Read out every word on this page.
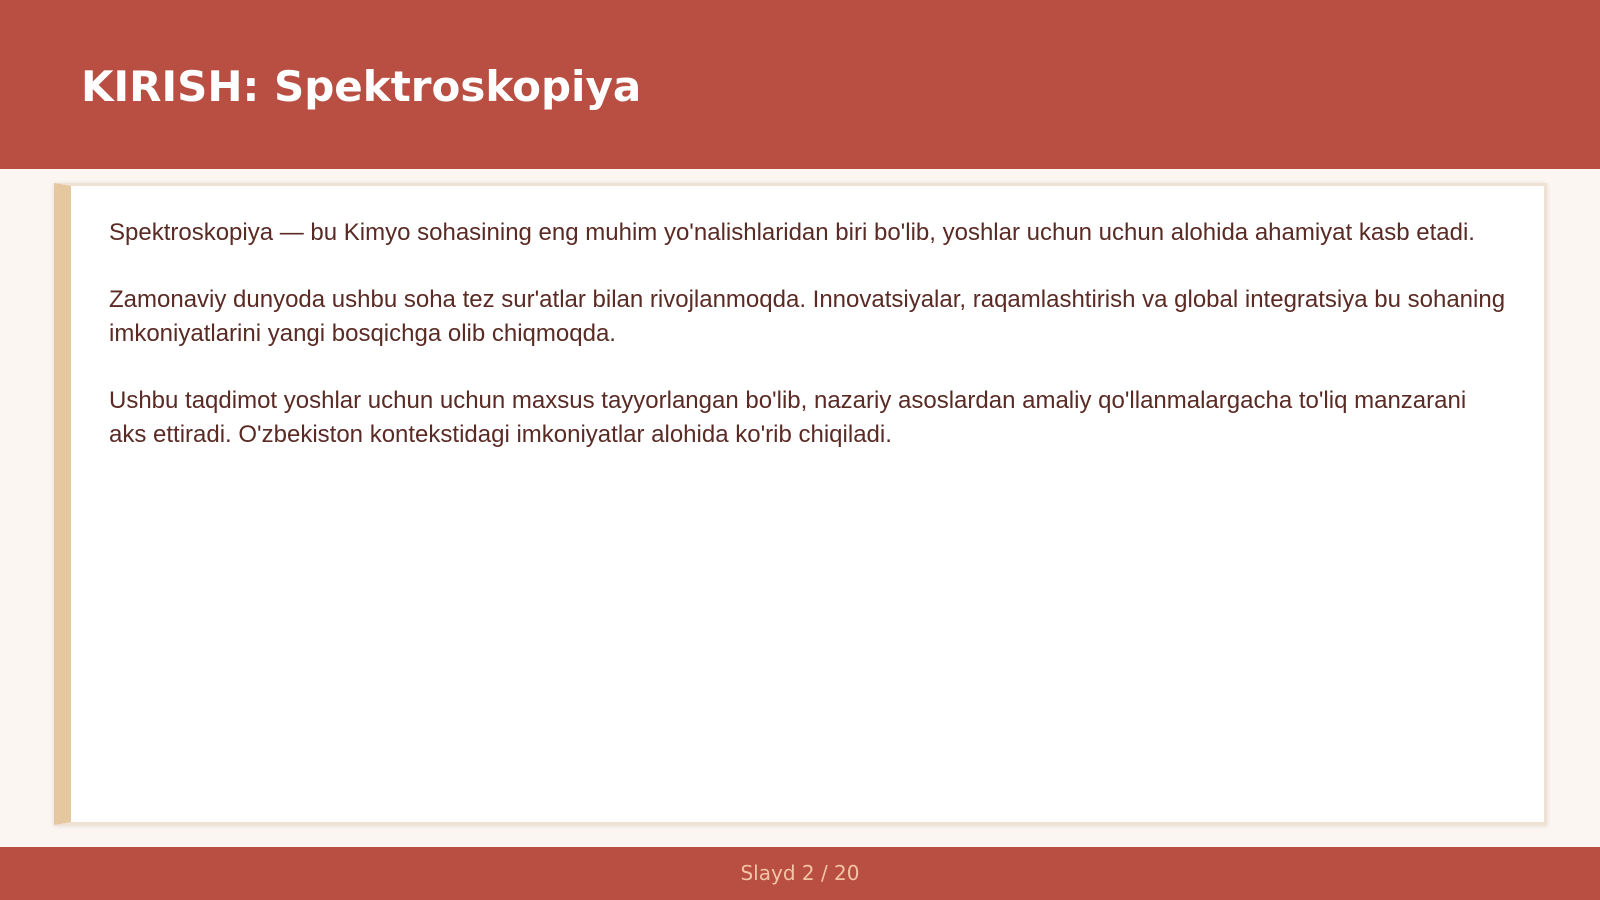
KIRISH: Spektroskopiya

Spektroskopiya — bu Kimyo sohasining eng muhim yo'nalishlaridan biri bo'lib, yoshlar uchun uchun alohida ahamiyat kasb etadi.

Zamonaviy dunyoda ushbu soha tez sur'atlar bilan rivojlanmoqda. Innovatsiyalar, raqamlashtirish va global integratsiya bu sohaning imkoniyatlarini yangi bosqichga olib chiqmoqda.

Ushbu taqdimot yoshlar uchun uchun maxsus tayyorlangan bo'lib, nazariy asoslardan amaliy qo'llanmalargacha to'liq manzarani aks ettiradi. O'zbekiston kontekstidagi imkoniyatlar alohida ko'rib chiqiladi.

Slayd 2 / 20
